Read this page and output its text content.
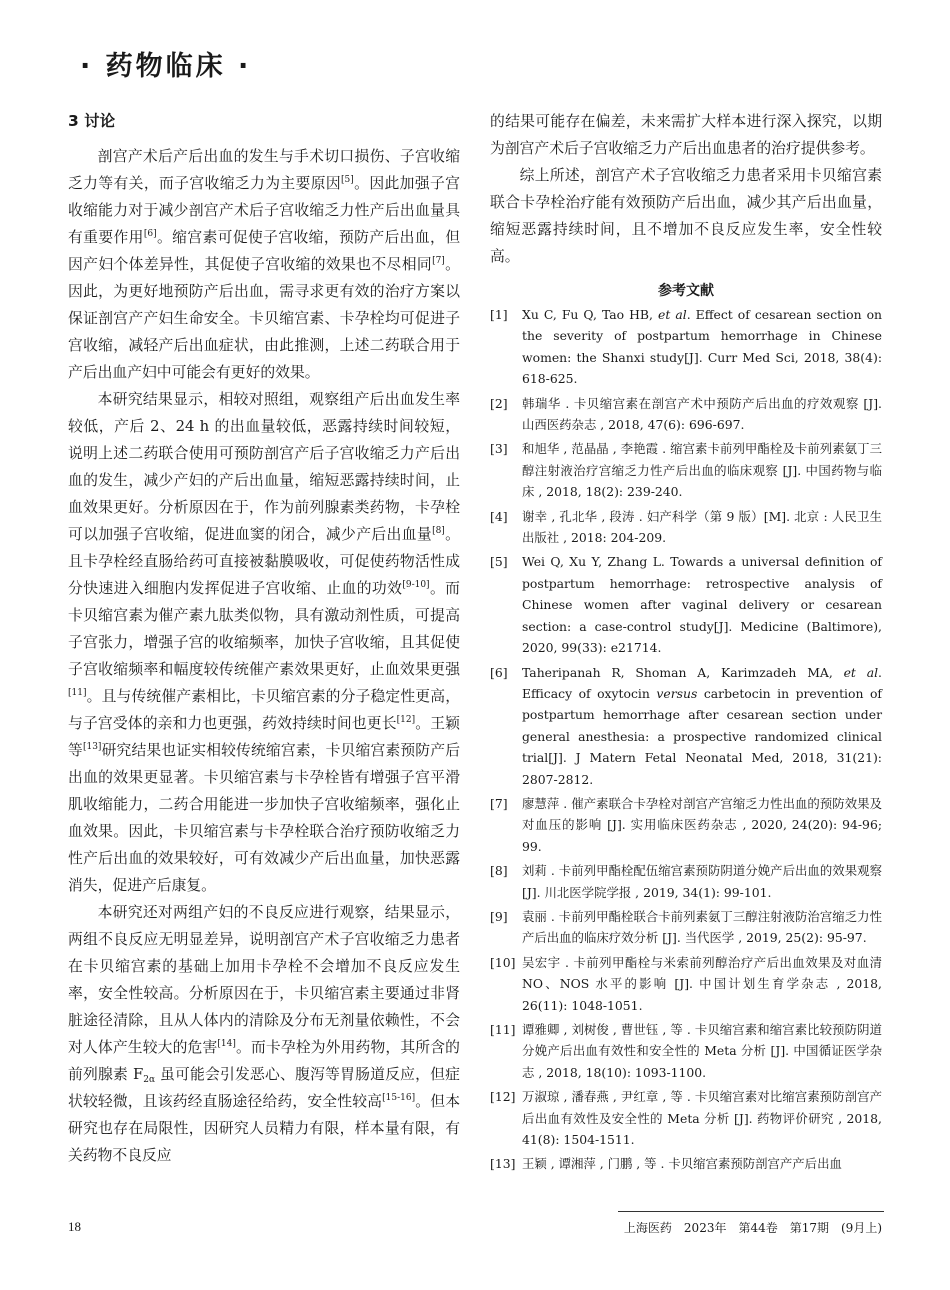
· 药物临床 ·
3 讨论

剖宫产术后产后出血的发生与手术切口损伤、子宫收缩乏力等有关，而子宫收缩乏力为主要原因[5]。因此加强子宫收缩能力对于减少剖宫产术后子宫收缩乏力性产后出血量具有重要作用[6]。缩宫素可促使子宫收缩，预防产后出血，但因产妇个体差异性，其促使子宫收缩的效果也不尽相同[7]。因此，为更好地预防产后出血，需寻求更有效的治疗方案以保证剖宫产产妇生命安全。卡贝缩宫素、卡孕栓均可促进子宫收缩，减轻产后出血症状，由此推测，上述二药联合用于产后出血产妇中可能会有更好的效果。

本研究结果显示，相较对照组，观察组产后出血发生率较低，产后 2、24 h 的出血量较低，恶露持续时间较短，说明上述二药联合使用可预防剖宫产后子宫收缩乏力产后出血的发生，减少产妇的产后出血量，缩短恶露持续时间，止血效果更好。分析原因在于，作为前列腺素类药物，卡孕栓可以加强子宫收缩，促进血窦的闭合，减少产后出血量[8]。且卡孕栓经直肠给药可直接被黏膜吸收，可促使药物活性成分快速进入细胞内发挥促进子宫收缩、止血的功效[9-10]。而卡贝缩宫素为催产素九肽类似物，具有激动剂性质，可提高子宫张力，增强子宫的收缩频率，加快子宫收缩，且其促使子宫收缩频率和幅度较传统催产素效果更好，止血效果更强[11]。且与传统催产素相比，卡贝缩宫素的分子稳定性更高，与子宫受体的亲和力也更强，药效持续时间也更长[12]。王颖等[13]研究结果也证实相较传统缩宫素，卡贝缩宫素预防产后出血的效果更显著。卡贝缩宫素与卡孕栓皆有增强子宫平滑肌收缩能力，二药合用能进一步加快子宫收缩频率，强化止血效果。因此，卡贝缩宫素与卡孕栓联合治疗预防收缩乏力性产后出血的效果较好，可有效减少产后出血量，加快恶露消失，促进产后康复。

本研究还对两组产妇的不良反应进行观察，结果显示，两组不良反应无明显差异，说明剖宫产术子宫收缩乏力患者在卡贝缩宫素的基础上加用卡孕栓不会增加不良反应发生率，安全性较高。分析原因在于，卡贝缩宫素主要通过非肾脏途径清除，且从人体内的清除及分布无剂量依赖性，不会对人体产生较大的危害[14]。而卡孕栓为外用药物，其所含的前列腺素 $F_{2\alpha}$ 虽可能会引发恶心、腹泻等胃肠道反应，但症状较轻微，且该药经直肠途径给药，安全性较高[15-16]。但本研究也存在局限性，因研究人员精力有限，样本量有限，有关药物不良反应

的结果可能存在偏差，未来需扩大样本进行深入探究，以期为剖宫产术后子宫收缩乏力产后出血患者的治疗提供参考。

综上所述，剖宫产术子宫收缩乏力患者采用卡贝缩宫素联合卡孕栓治疗能有效预防产后出血，减少其产后出血量，缩短恶露持续时间，且不增加不良反应发生率，安全性较高。

参考文献
[1]	Xu C, Fu Q, Tao HB, et al. Effect of cesarean section on the severity of postpartum hemorrhage in Chinese women: the Shanxi study[J]. Curr Med Sci, 2018, 38(4): 618-625.
[2]	韩瑞华 . 卡贝缩宫素在剖宫产术中预防产后出血的疗效观察 [J]. 山西医药杂志 , 2018, 47(6): 696-697.
[3]	和旭华 , 范晶晶 , 李艳霞 . 缩宫素卡前列甲酯栓及卡前列素氨丁三醇注射液治疗宫缩乏力性产后出血的临床观察 [J]. 中国药物与临床 , 2018, 18(2): 239-240.
[4]	谢幸 , 孔北华 , 段涛 . 妇产科学（第 9 版）[M]. 北京 : 人民卫生出版社 , 2018: 204-209.
[5]	Wei Q, Xu Y, Zhang L. Towards a universal definition of postpartum hemorrhage: retrospective analysis of Chinese women after vaginal delivery or cesarean section: a case-control study[J]. Medicine (Baltimore), 2020, 99(33): e21714.
[6]	Taheripanah R, Shoman A, Karimzadeh MA, et al. Efficacy of oxytocin versus carbetocin in prevention of postpartum hemorrhage after cesarean section under general anesthesia: a prospective randomized clinical trial[J]. J Matern Fetal Neonatal Med, 2018, 31(21): 2807-2812.
[7]	廖慧萍 . 催产素联合卡孕栓对剖宫产宫缩乏力性出血的预防效果及对血压的影响 [J]. 实用临床医药杂志 , 2020, 24(20): 94-96; 99.
[8]	刘莉 . 卡前列甲酯栓配伍缩宫素预防阴道分娩产后出血的效果观察 [J]. 川北医学院学报 , 2019, 34(1): 99-101.
[9]	袁丽 . 卡前列甲酯栓联合卡前列素氨丁三醇注射液防治宫缩乏力性产后出血的临床疗效分析 [J]. 当代医学 , 2019, 25(2): 95-97.
[10] 吴宏宇 . 卡前列甲酯栓与米索前列醇治疗产后出血效果及对血清 NO、NOS 水平的影响 [J]. 中国计划生育学杂志 , 2018, 26(11): 1048-1051.
[11] 谭雅卿 , 刘树俊 , 曹世钰 , 等 . 卡贝缩宫素和缩宫素比较预防阴道分娩产后出血有效性和安全性的 Meta 分析 [J]. 中国循证医学杂志 , 2018, 18(10): 1093-1100.
[12] 万淑琼 , 潘春燕 , 尹红章 , 等 . 卡贝缩宫素对比缩宫素预防剖宫产后出血有效性及安全性的 Meta 分析 [J]. 药物评价研究 , 2018, 41(8): 1504-1511.
[13] 王颖 , 谭湘萍 , 门鹏 , 等 . 卡贝缩宫素预防剖宫产产后出血
18	上海医药　2023年　第44卷　第17期　(9月上)
